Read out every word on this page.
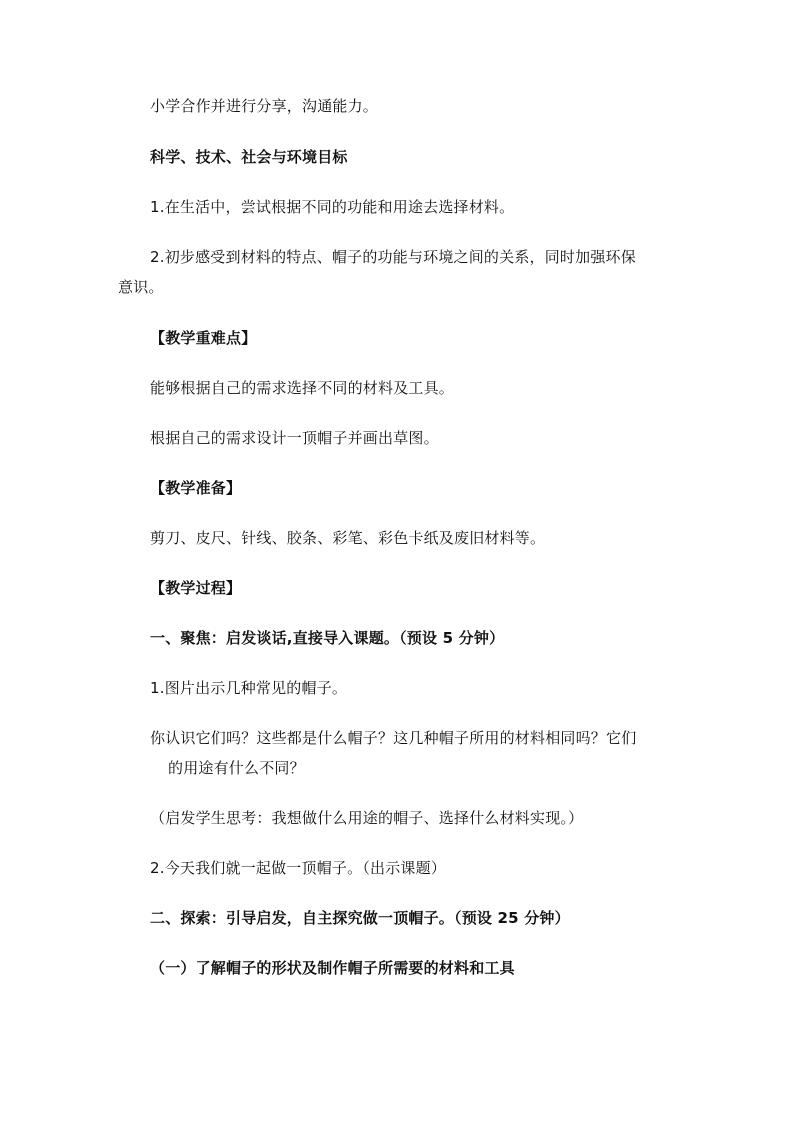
小学合作并进行分享，沟通能力。
科学、技术、社会与环境目标
1.在生活中，尝试根据不同的功能和用途去选择材料。
2.初步感受到材料的特点、帽子的功能与环境之间的关系，同时加强环保
意识。
【教学重难点】
能够根据自己的需求选择不同的材料及工具。
根据自己的需求设计一顶帽子并画出草图。
【教学准备】
剪刀、皮尺、针线、胶条、彩笔、彩色卡纸及废旧材料等。
【教学过程】
一、聚焦：启发谈话,直接导入课题。（预设 5 分钟）
1.图片出示几种常见的帽子。
你认识它们吗？这些都是什么帽子？这几种帽子所用的材料相同吗？它们
的用途有什么不同？
（启发学生思考：我想做什么用途的帽子、选择什么材料实现。）
2.今天我们就一起做一顶帽子。（出示课题）
二、探索：引导启发，自主探究做一顶帽子。（预设 25 分钟）
（一）了解帽子的形状及制作帽子所需要的材料和工具
